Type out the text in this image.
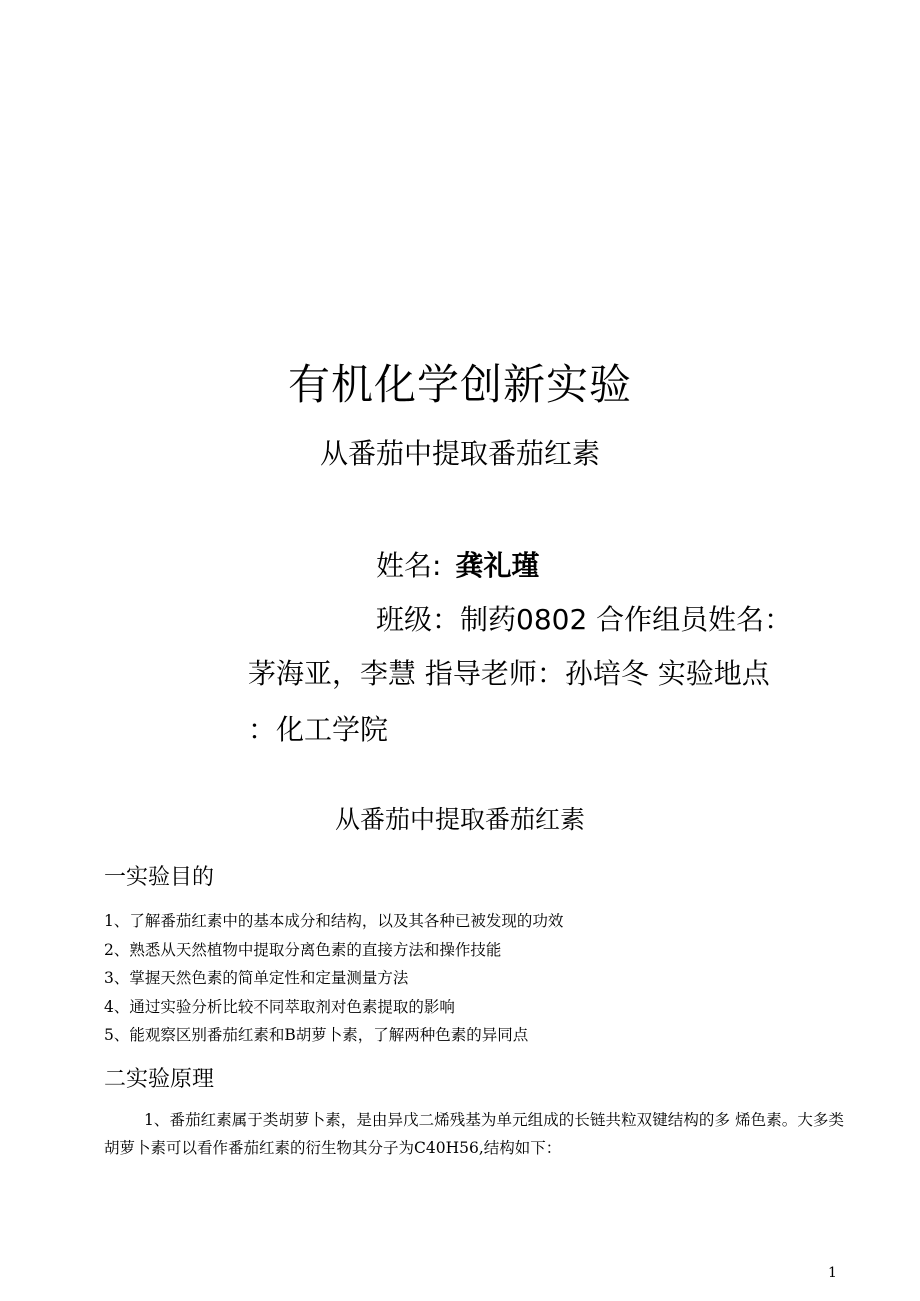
有机化学创新实验
从番茄中提取番茄红素
姓名: 龚礼瑾
班级：制药0802 合作组员姓名：
茅海亚，李慧 指导老师：孙培冬 实验地点
：化工学院
从番茄中提取番茄红素
一实验目的
1、了解番茄红素中的基本成分和结构，以及其各种已被发现的功效
2、熟悉从天然植物中提取分离色素的直接方法和操作技能
3、掌握天然色素的简单定性和定量测量方法
4、通过实验分析比较不同萃取剂对色素提取的影响
5、能观察区别番茄红素和B胡萝卜素，了解两种色素的异同点
二实验原理
1、番茄红素属于类胡萝卜素，是由异戊二烯残基为单元组成的长链共粒双键结构的多 烯色素。大多类胡萝卜素可以看作番茄红素的衍生物其分子为C40H56,结构如下：
1
